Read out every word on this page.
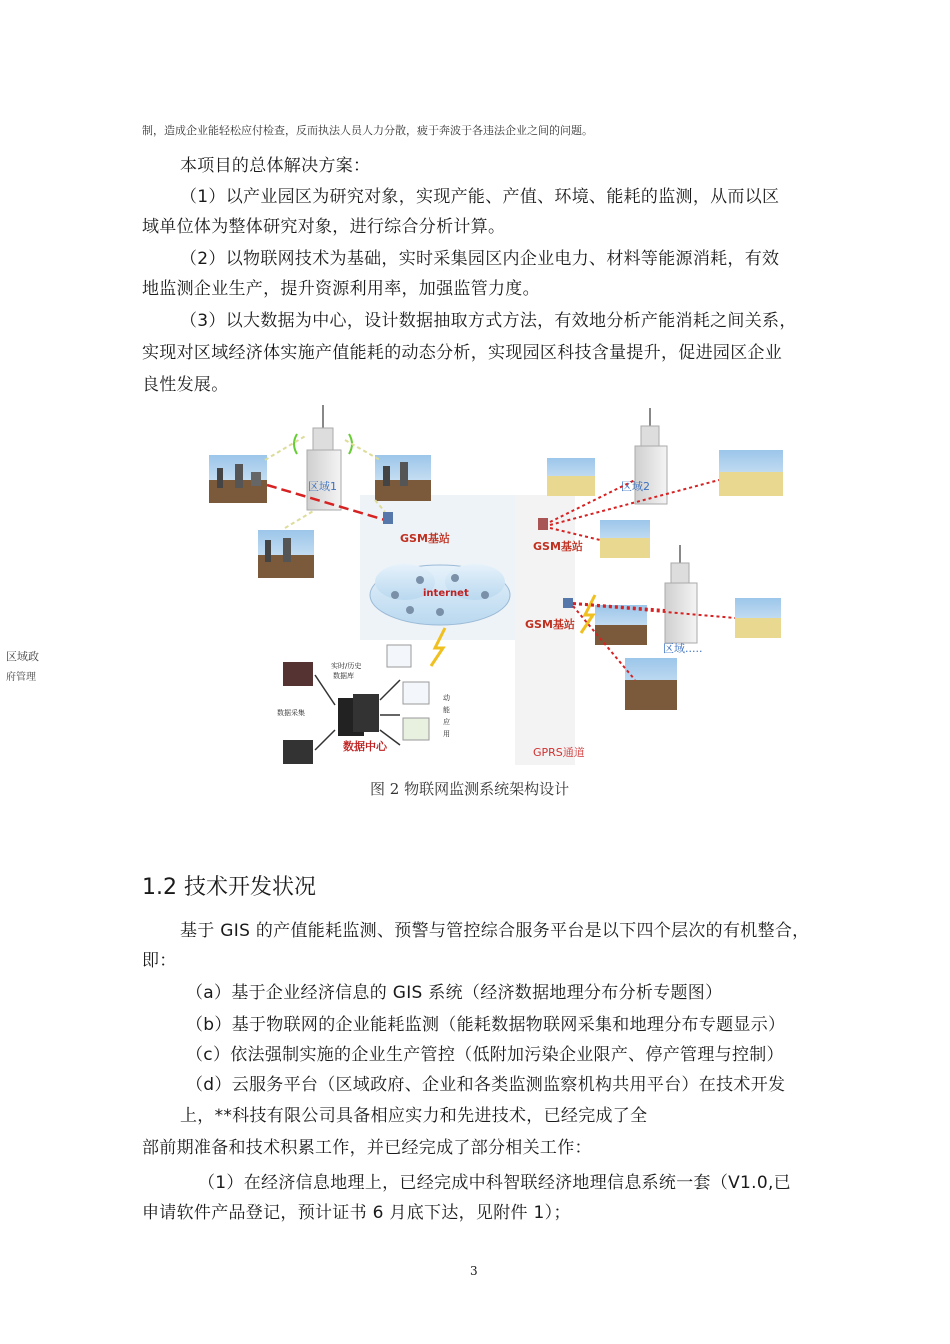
制，造成企业能轻松应付检查，反而执法人员人力分散，疲于奔波于各违法企业之间的问题。
本项目的总体解决方案：
（1）以产业园区为研究对象，实现产能、产值、环境、能耗的监测，从而以区
域单位体为整体研究对象，进行综合分析计算。
（2）以物联网技术为基础，实时采集园区内企业电力、材料等能源消耗，有效
地监测企业生产，提升资源利用率，加强监管力度。
（3）以大数据为中心，设计数据抽取方式方法，有效地分析产能消耗之间关系，
实现对区域经济体实施产值能耗的动态分析，实现园区科技含量提升，促进园区企业
良性发展。
区域政
府管理
区域1
GSM基站
internet
数据采集
实时/历史
数据库
数据中心
动
能
应
用
区域2
GSM基站
GSM基站
区域.....
GPRS通道
图 2 物联网监测系统架构设计
1.2 技术开发状况
基于 GIS 的产值能耗监测、预警与管控综合服务平台是以下四个层次的有机整合，
即：
（a）基于企业经济信息的 GIS 系统（经济数据地理分布分析专题图）
（b）基于物联网的企业能耗监测（能耗数据物联网采集和地理分布专题显示）
（c）依法强制实施的企业生产管控（低附加污染企业限产、停产管理与控制）
（d）云服务平台（区域政府、企业和各类监测监察机构共用平台）在技术开发
上，**科技有限公司具备相应实力和先进技术，已经完成了全
部前期准备和技术积累工作，并已经完成了部分相关工作：
（1）在经济信息地理上，已经完成中科智联经济地理信息系统一套（V1.0,已
申请软件产品登记，预计证书 6 月底下达，见附件 1）；
3
